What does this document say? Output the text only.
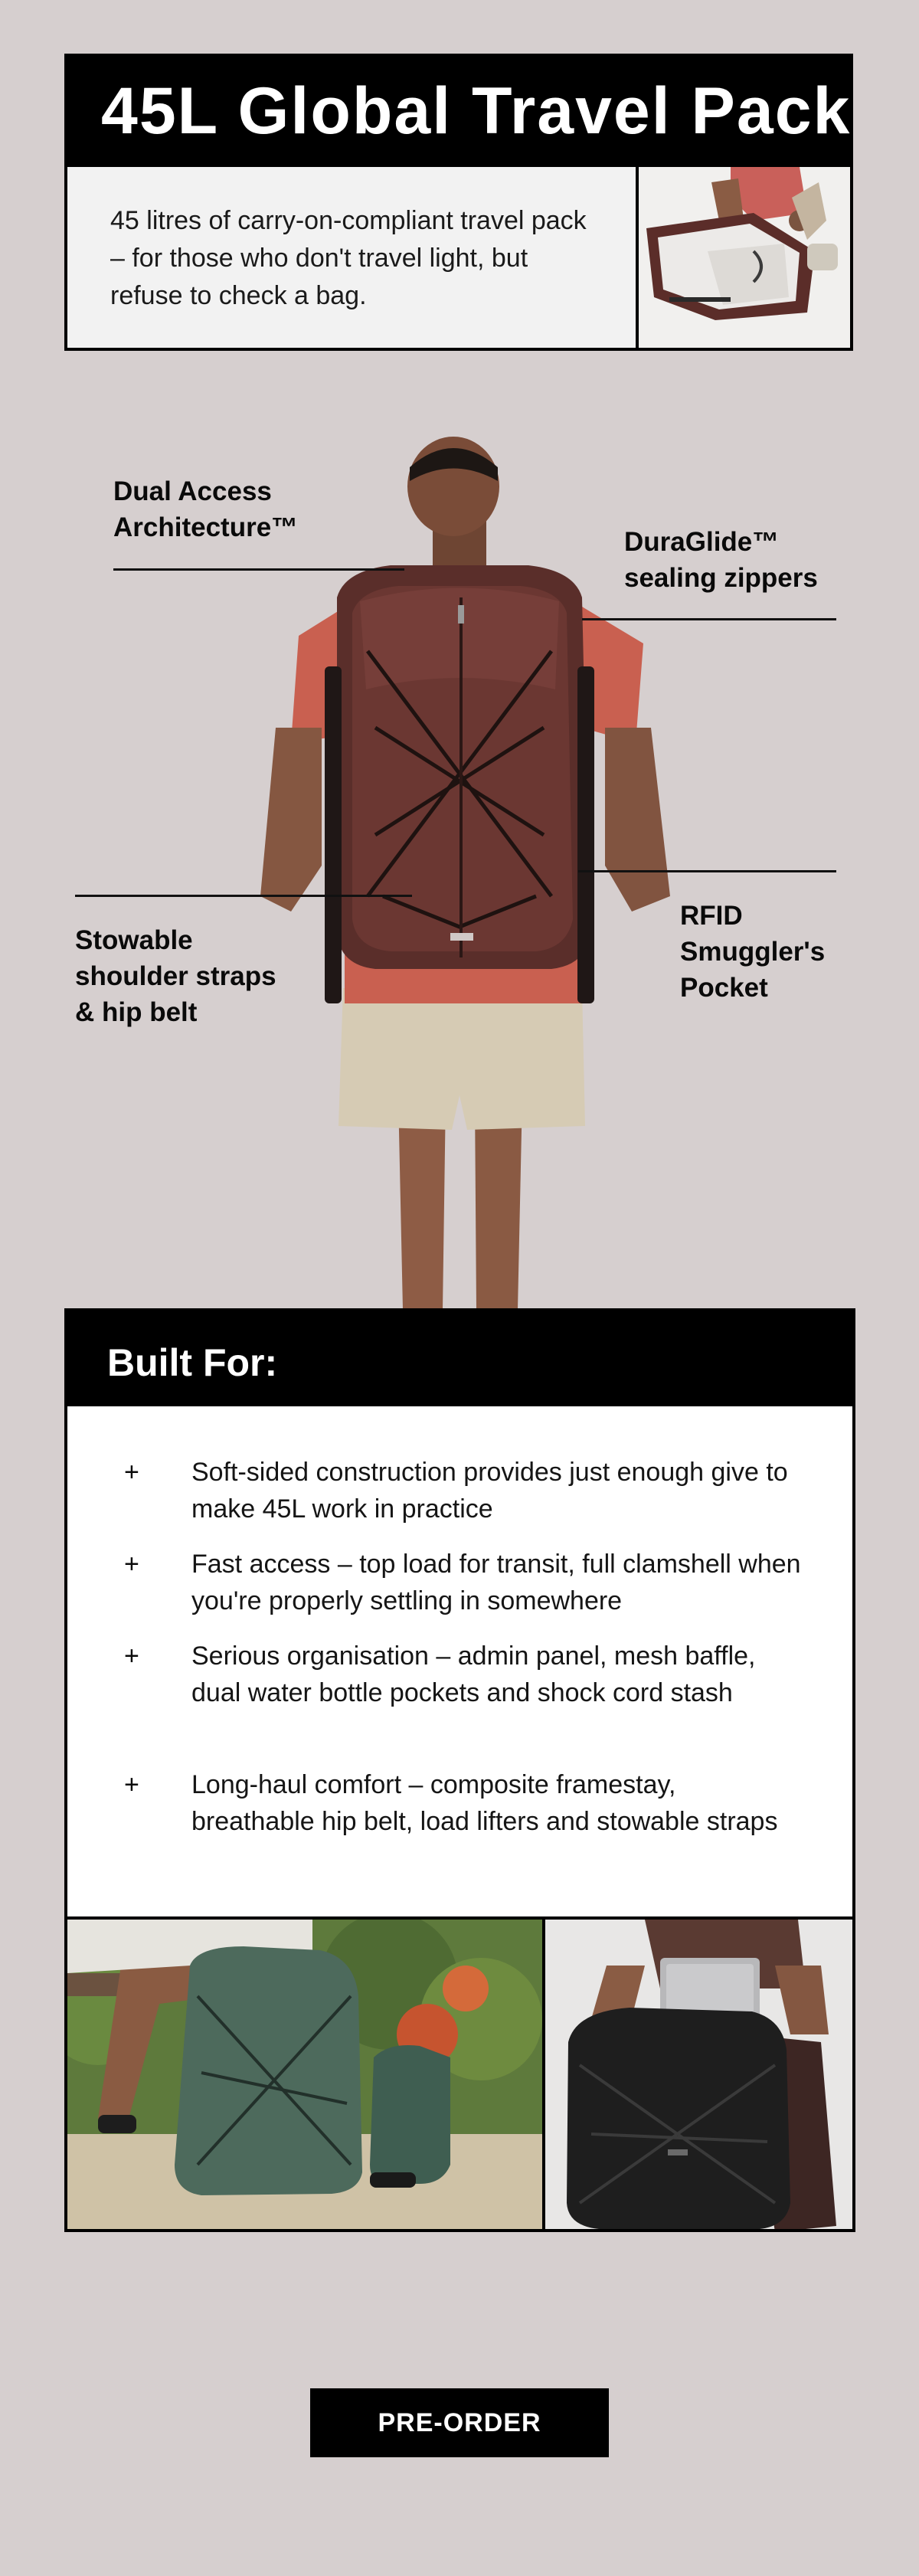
45L Global Travel Pack

45 litres of carry-on-compliant travel pack – for those who don't travel light, but refuse to check a bag.

Dual Access
Architecture™	DuraGlide™
sealing zippers
Stowable
shoulder straps
& hip belt
RFID
Smuggler's
Pocket
Built For:
+ Soft-sided construction provides just enough give to make 45L work in practice
+ Fast access – top load for transit, full clamshell when you're properly settling in somewhere
+ Serious organisation – admin panel, mesh baffle, dual water bottle pockets and shock cord stash
+ Long-haul comfort – composite framestay, breathable hip belt, load lifters and stowable straps
PRE-ORDER
